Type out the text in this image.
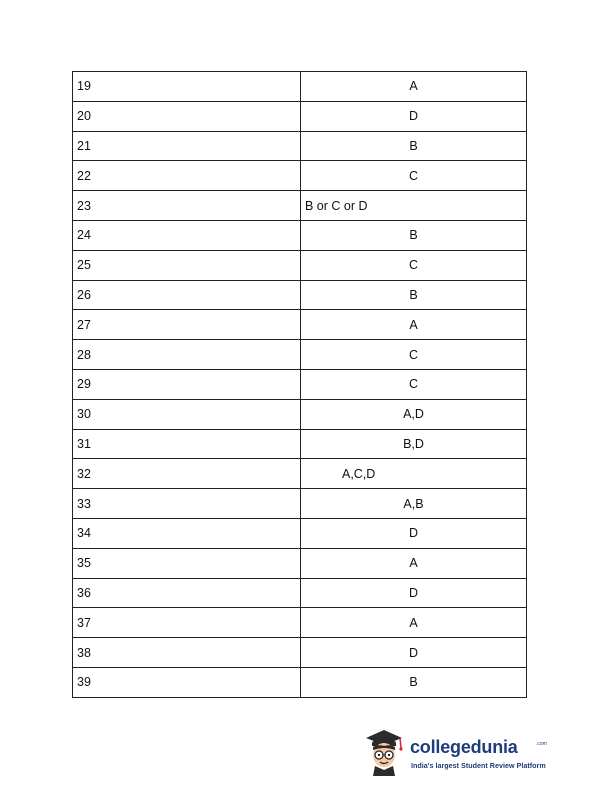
19	A

20	D

21	B

22	C

23	B or C or D

24	B

25	C

26	B

27	A

28	C

29	C

30	A,D

31	B,D

32	A,C,D

33	A,B

34	D

35	A

36	D

37	A

38	D

39	B
collegedunia	.com
India's largest Student Review Platform
